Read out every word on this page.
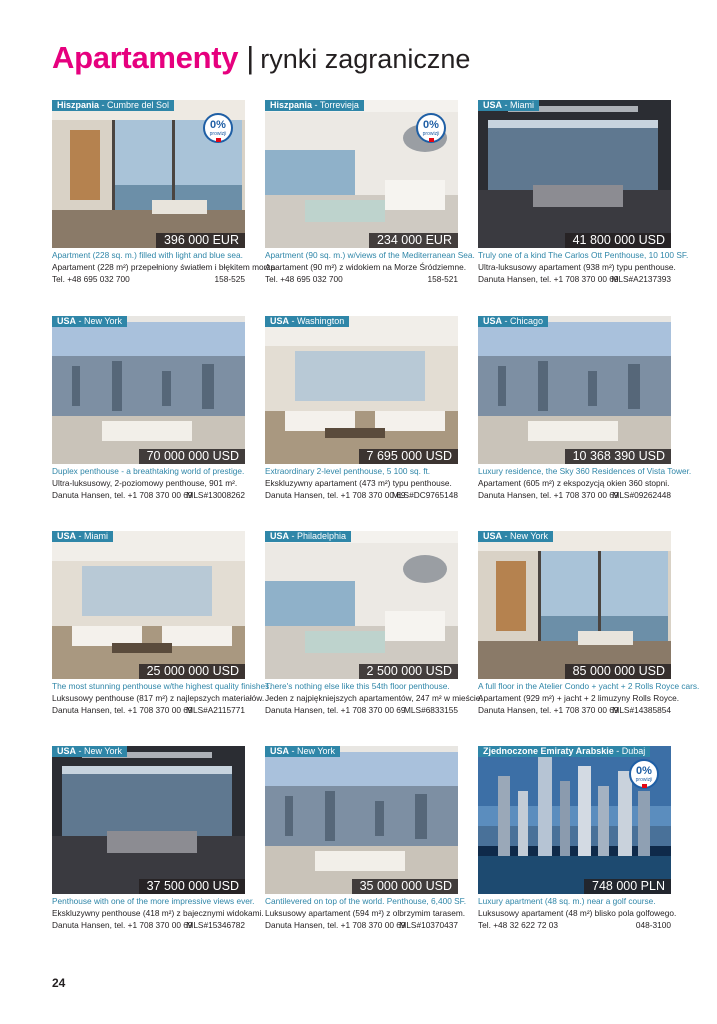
Apartamenty | rynki zagraniczne
Hiszpania - Cumbre del Sol
396 000 EUR
0%
prowizji
Apartment (228 sq. m.) filled with light and blue sea.
Apartament (228 m²) przepełniony światłem i błękitem morza.
Tel. +48 695 032 700	158-525
Hiszpania - Torrevieja
234 000 EUR
0%
prowizji
Apartment (90 sq. m.) w/views of the Mediterranean Sea.
Apartament (90 m²) z widokiem na Morze Śródziemne.
Tel. +48 695 032 700	158-521
USA - Miami
41 800 000 USD
Truly one of a kind The Carlos Ott Penthouse, 10 100 SF.
Ultra-luksusowy apartament (938 m²) typu penthouse.
Danuta Hansen, tel. +1 708 370 00 69
MLS#A2137393
USA - New York
70 000 000 USD
Duplex penthouse - a breathtaking world of prestige.
Ultra-luksusowy, 2-poziomowy penthouse, 901 m².
Danuta Hansen, tel. +1 708 370 00 69
MLS#13008262
USA - Washington
7 695 000 USD
Extraordinary 2-level penthouse, 5 100 sq. ft.
Ekskluzywny apartament (473 m²) typu penthouse.
Danuta Hansen, tel. +1 708 370 00 69
MLS#DC9765148
USA - Chicago
10 368 390 USD
Luxury residence, the Sky 360 Residences of Vista Tower.
Apartament (605 m²) z ekspozycją okien 360 stopni.
Danuta Hansen, tel. +1 708 370 00 69
MLS#09262448
USA - Miami
25 000 000 USD
The most stunning penthouse w/the highest quality finishes.
Luksusowy penthouse (817 m²) z najlepszych materiałów.
Danuta Hansen, tel. +1 708 370 00 69
MLS#A2115771
USA - Philadelphia
2 500 000 USD
There's nothing else like this 54th floor penthouse.
Jeden z najpiękniejszych apartamentów, 247 m² w mieście.
Danuta Hansen, tel. +1 708 370 00 69
MLS#6833155
USA - New York
85 000 000 USD
A full floor in the Atelier Condo + yacht + 2 Rolls Royce cars.
Apartament (929 m²) + jacht + 2 limuzyny Rolls Royce.
Danuta Hansen, tel. +1 708 370 00 69
MLS#14385854
USA - New York
37 500 000 USD
Penthouse with one of the more impressive views ever.
Ekskluzywny penthouse (418 m²) z bajecznymi widokami.
Danuta Hansen, tel. +1 708 370 00 69
MLS#15346782
USA - New York
35 000 000 USD
Cantilevered on top of the world. Penthouse, 6,400 SF.
Luksusowy apartament (594 m²) z olbrzymim tarasem.
Danuta Hansen, tel. +1 708 370 00 69
MLS#10370437
Zjednoczone Emiraty Arabskie - Dubaj
748 000 PLN
0%
prowizji
Luxury apartment (48 sq. m.) near a golf course.
Luksusowy apartament (48 m²) blisko pola golfowego.
Tel. +48 32 622 72 03	048-3100
24
